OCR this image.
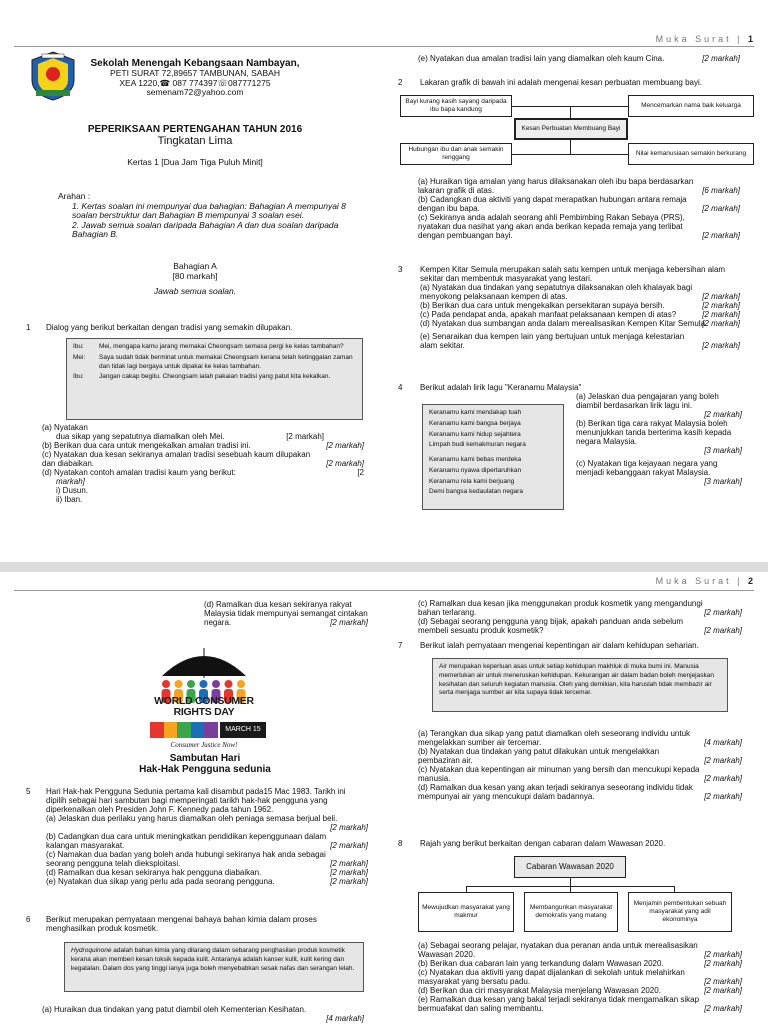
Muka Surat | 1
Sekolah Menengah Kebangsaan Nambayan,
PETI SURAT 72,89657 TAMBUNAN, SABAH
XEA 1220,☎ 087 774397☏087771275
semenam72@yahoo.com
PEPERIKSAAN PERTENGAHAN TAHUN 2016
Tingkatan Lima
Kertas 1 [Dua Jam Tiga Puluh Minit]
Arahan :
1. Kertas soalan ini mempunyai dua bahagian: Bahagian A mempunyai 8 soalan berstruktur dan Bahagian B mempunyai 3 soalan esei.
2. Jawab semua soalan daripada Bahagian A dan dua soalan daripada Bahagian B.
Bahagian A
[80 markah]
Jawab semua soalan.
1 Dialog yang berikut berkaitan dengan tradisi yang semakin dilupakan.
Ibu:	Mei, mengapa kamu jarang memakai Cheongsam semasa pergi ke kelas tambahan?
Mei:	Saya sudah tidak berminat untuk memakai Cheongsam kerana telah ketinggalan zaman dan tidak lagi bergaya untuk dipakai ke kelas tambahan.
Ibu:	Jangan cakap begitu. Cheongsam ialah pakaian tradisi yang patut kita kekalkan.
(a) Nyatakan
dua sikap yang sepatutnya diamalkan oleh Mei.	[2 markah]
(b) Berikan dua cara untuk mengekalkan amalan tradisi ini.	[2 markah]
(c) Nyatakan dua kesan sekiranya amalan tradisi sesebuah kaum dilupakan dan diabaikan.	[2 markah]
(d) Nyatakan contoh amalan tradisi kaum yang berikut:	[2
markah]
i) Dusun.
ii) Iban.
(e) Nyatakan dua amalan tradisi lain yang diamalkan oleh kaum Cina.	[2 markah]
2 Lakaran grafik di bawah ini adalah mengenai kesan perbuatan membuang bayi.
Bayi kurang kasih sayang daripada ibu bapa kandung
Mencemarkan nama baik keluarga
Kesan Perbuatan Membuang Bayi
Hubungan ibu dan anak semakin renggang
Nilai kemanusiaan semakin berkurang
(a) Huraikan tiga amalan yang harus dilaksanakan oleh ibu bapa berdasarkan lakaran grafik di atas.	[6 markah]
(b) Cadangkan dua aktiviti yang dapat merapatkan hubungan antara remaja dengan ibu bapa.	[2 markah]
(c) Sekiranya anda adalah seorang ahli Pembimbing Rakan Sebaya (PRS), nyatakan dua nasihat yang akan anda berikan kepada remaja yang terlibat dengan pembuangan bayi.	[2 markah]
3 Kempen Kitar Semula merupakan salah satu kempen untuk menjaga kebersihan alam sekitar dan membentuk masyarakat yang lestari.
(a) Nyatakan dua tindakan yang sepatutnya dilaksanakan oleh khalayak bagi menyokong pelaksanaan kempen di atas.	[2 markah]
(b) Berikan dua cara untuk mengekalkan persekitaran supaya bersih.	[2 markah]
(c) Pada pendapat anda, apakah manfaat pelaksanaan kempen di atas?	[2 markah]
(d) Nyatakan dua sumbangan anda dalam merealisasikan Kempen Kitar Semula.
[2 markah]
(e) Senaraikan dua kempen lain yang bertujuan untuk menjaga kelestarian alam sekitar.	[2 markah]
4 Berikut adalah lirik lagu "Keranamu Malaysia"
Keranamu kami mendakap tuah
Keranamu kami bangsa berjaya
Keranamu kami hidup sejahtera
Limpah budi kemakmuran negara
Keranamu kami bebas merdeka
Keranamu nyawa dipertaruhkan
Keranamu rela kami berjuang
Demi bangsa kedaulatan negara
(a) Jelaskan dua pengajaran yang boleh diambil berdasarkan lirik lagu ini.
[2 markah]
(b) Berikan tiga cara rakyat Malaysia boleh menunjukkan tanda berterima kasih kepada negara Malaysia.
[3 markah]
(c) Nyatakan tiga kejayaan negara yang menjadi kebanggaan rakyat Malaysia.
[3 markah]
Muka Surat | 2
(d) Ramalkan dua kesan sekiranya rakyat Malaysia tidak mempunyai semangat cintakan negara.	[2 markah]
consumer protection
WORLD CONSUMER
RIGHTS DAY
MARCH 15
Consumer Justice Now!
Sambutan Hari
Hak-Hak Pengguna sedunia
5 Hari Hak-hak Pengguna Sedunia pertama kali disambut pada15 Mac 1983. Tarikh ini dipilih sebagai hari sambutan bagi memperingati tarikh hak-hak pengguna yang diperkenalkan oleh Presiden John F. Kennedy pada tahun 1962.
(a) Jelaskan dua perilaku yang harus diamalkan oleh peniaga semasa berjual beli.
[2 markah]
(b) Cadangkan dua cara untuk meningkatkan pendidikan kepenggunaan dalam kalangan masyarakat.	[2 markah]
(c) Namakan dua badan yang boleh anda hubungi sekiranya hak anda sebagai seorang pengguna telah dieksploitasi.	[2 markah]
(d) Ramalkan dua kesan sekiranya hak pengguna diabaikan.	[2 markah]
(e) Nyatakan dua sikap yang perlu ada pada seorang pengguna.	[2 markah]
6 Berikut merupakan pernyataan mengenai bahaya bahan kimia dalam proses menghasilkan produk kosmetik.
Hydroquinone adalah bahan kimia yang dilarang dalam sebarang penghasilan produk kosmetik kerana akan memberi kesan toksik kepada kulit. Antaranya adalah kanser kulit, kulit kering dan kegatalan. Dalam dos yang tinggi ianya juga boleh menyebabkan sesak nafas dan serangan lelah.
(a) Huraikan dua tindakan yang patut diambil oleh Kementerian Kesihatan.
[4 markah]
(c) Ramalkan dua kesan jika menggunakan produk kosmetik yang mengandungi bahan terlarang.	[2 markah]
(d) Sebagai seorang pengguna yang bijak, apakah panduan anda sebelum membeli sesuatu produk kosmetik?	[2 markah]
7 Berikut ialah pernyataan mengenai kepentingan air dalam kehidupan seharian.
Air merupakan keperluan asas untuk setiap kehidupan makhluk di muka bumi ini. Manusia memerlukan air untuk meneruskan kehidupan. Kekurangan air dalam badan boleh menjejaskan kesihatan dan seluruh kegiatan manusia. Oleh yang demikian, kita haruslah tidak membazir air serta menjaga sumber air kita supaya tidak tercemar.
(a) Terangkan dua sikap yang patut diamalkan oleh seseorang individu untuk mengelakkan sumber air tercemar.	[4 markah]
(b) Nyatakan dua tindakan yang patut dilakukan untuk mengelakkan pembaziran air.	[2 markah]
(c) Nyatakan dua kepentingan air minuman yang bersih dan mencukupi kepada manusia.	[2 markah]
(d) Ramalkan dua kesan yang akan terjadi sekiranya seseorang individu tidak mempunyai air yang mencukupi dalam badannya.	[2 markah]
8 Rajah yang berikut berkaitan dengan cabaran dalam Wawasan 2020.
Cabaran Wawasan 2020
Mewujudkan masyarakat yang makmur
Membangunkan masyarakat demokratis yang matang
Menjamin pembentukan sebuah masyarakat yang adil ekonominya
(a) Sebagai seorang pelajar, nyatakan dua peranan anda untuk merealisasikan Wawasan 2020.	[2 markah]
(b) Berikan dua cabaran lain yang terkandung dalam Wawasan 2020.	[2 markah]
(c) Nyatakan dua aktiviti yang dapat dijalankan di sekolah untuk melahirkan masyarakat yang bersatu padu.	[2 markah]
(d) Berikan dua ciri masyarakat Malaysia menjelang Wawasan 2020.	[2 markah]
(e) Ramalkan dua kesan yang bakal terjadi sekiranya tidak mengamalkan sikap bermuafakat dan saling membantu.	[2 markah]
